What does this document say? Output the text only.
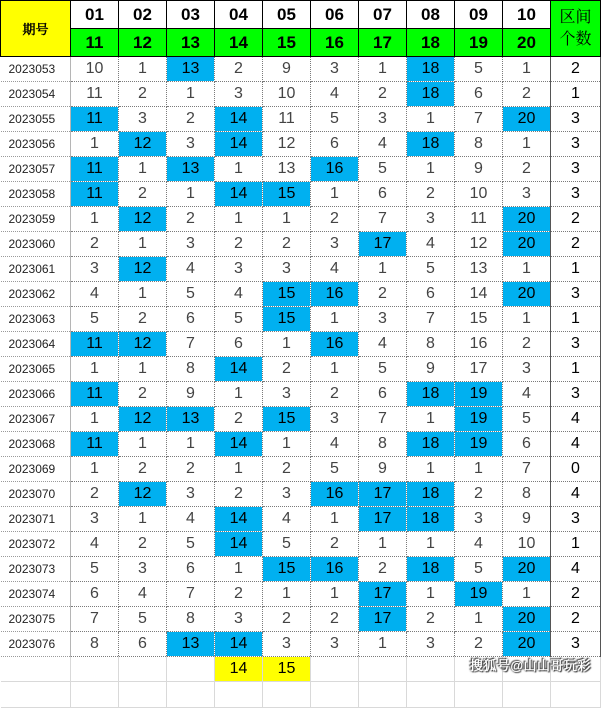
期号	01	02	03	04	05	06	07	08	09	10	区间
个数

	11	12	13	14	15	16	17	18	19	20	
2023053	10	1	13	2	9	3	1	18	5	1	2
2023054	11	2	1	3	10	4	2	18	6	2	1
2023055	11	3	2	14	11	5	3	1	7	20	3
2023056	1	12	3	14	12	6	4	18	8	1	3
2023057	11	1	13	1	13	16	5	1	9	2	3
2023058	11	2	1	14	15	1	6	2	10	3	3
2023059	1	12	2	1	1	2	7	3	11	20	2
2023060	2	1	3	2	2	3	17	4	12	20	2
2023061	3	12	4	3	3	4	1	5	13	1	1
2023062	4	1	5	4	15	16	2	6	14	20	3
2023063	5	2	6	5	15	1	3	7	15	1	1
2023064	11	12	7	6	1	16	4	8	16	2	3
2023065	1	1	8	14	2	1	5	9	17	3	1
2023066	11	2	9	1	3	2	6	18	19	4	3
2023067	1	12	13	2	15	3	7	1	19	5	4
2023068	11	1	1	14	1	4	8	18	19	6	4
2023069	1	2	2	1	2	5	9	1	1	7	0
2023070	2	12	3	2	3	16	17	18	2	8	4
2023071	3	1	4	14	4	1	17	18	3	9	3
2023072	4	2	5	14	5	2	1	1	4	10	1
2023073	5	3	6	1	15	16	2	18	5	20	4
2023074	6	4	7	2	1	1	17	1	19	1	2
2023075	7	5	8	3	2	2	17	2	1	20	2
2023076	8	6	13	14	3	3	1	3	2	20	3
				14	15						
												搜狐号@山山哥玩彩
